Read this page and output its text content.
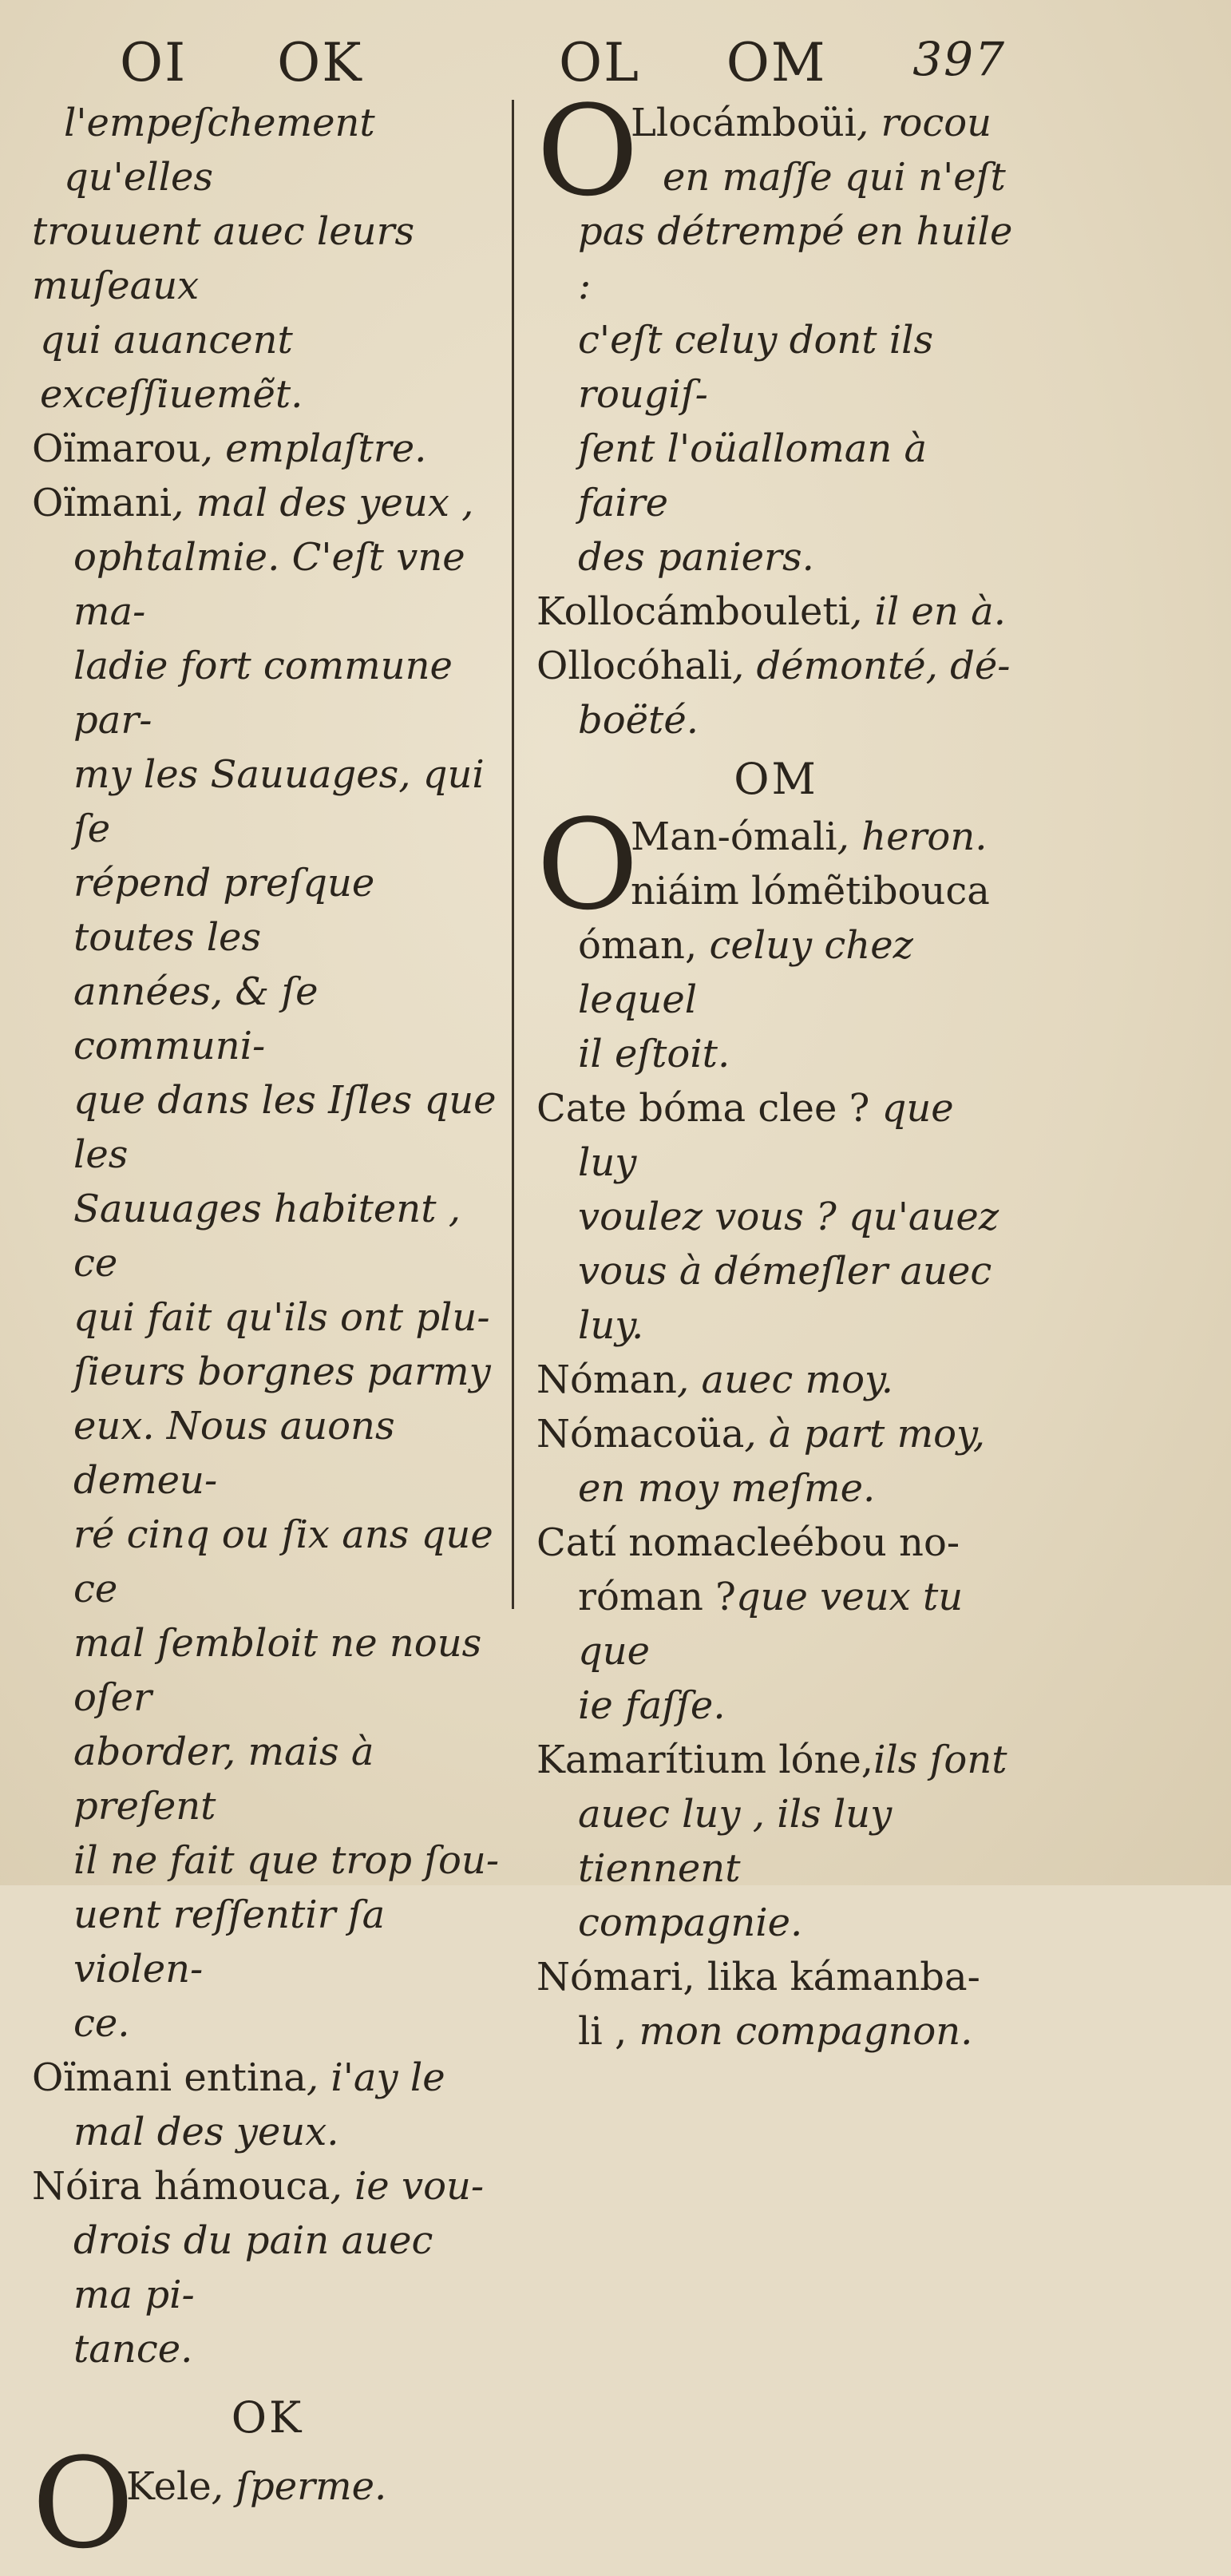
OI OK	OL OM 397

l'empeſchement qu'elles

trouuent auec leurs muſeaux

qui auancent exceſſiuemẽt.

Oïmarou, emplaſtre.

Oïmani, mal des yeux ,

ophtalmie. C'eſt vne ma-

ladie fort commune par-

my les Sauuages, qui ſe

répend preſque toutes les

années, & ſe communi-

que dans les Iſles que les

Sauuages habitent , ce

qui fait qu'ils ont plu-

ſieurs borgnes parmy

eux. Nous auons demeu-

ré cinq ou ſix ans que ce

mal ſembloit ne nous oſer

aborder, mais à preſent

il ne fait que trop ſou-

uent reſſentir ſa violen-

ce.

Oïmani entina, i'ay le

mal des yeux.

Nóira hámouca, ie vou-

drois du pain auec ma pi-

tance.

OK
O

Kele, ſperme.

O

Llocámboüi, rocou

en maſſe qui n'eſt

pas détrempé en huile :

c'eſt celuy dont ils rougiſ-

ſent l'oüalloman à faire

des paniers.

Kollocámbouleti, il en à.

Ollocóhali, démonté, dé-

boëté.

OM
O

Man-ómali, heron.

niáim lómẽtibouca

óman, celuy chez lequel

il eſtoit.

Cate bóma clee ? que luy

voulez vous ? qu'auez

vous à démeſler auec

luy.

Nóman, auec moy.

Nómacoüa, à part moy,

en moy meſme.

Catí nomacleébou no-

róman ?que veux tu que

ie faſſe.

Kamarítium lóne,ils ſont

auec luy , ils luy tiennent

compagnie.

Nómari, lika kámanba-

li , mon compagnon.
